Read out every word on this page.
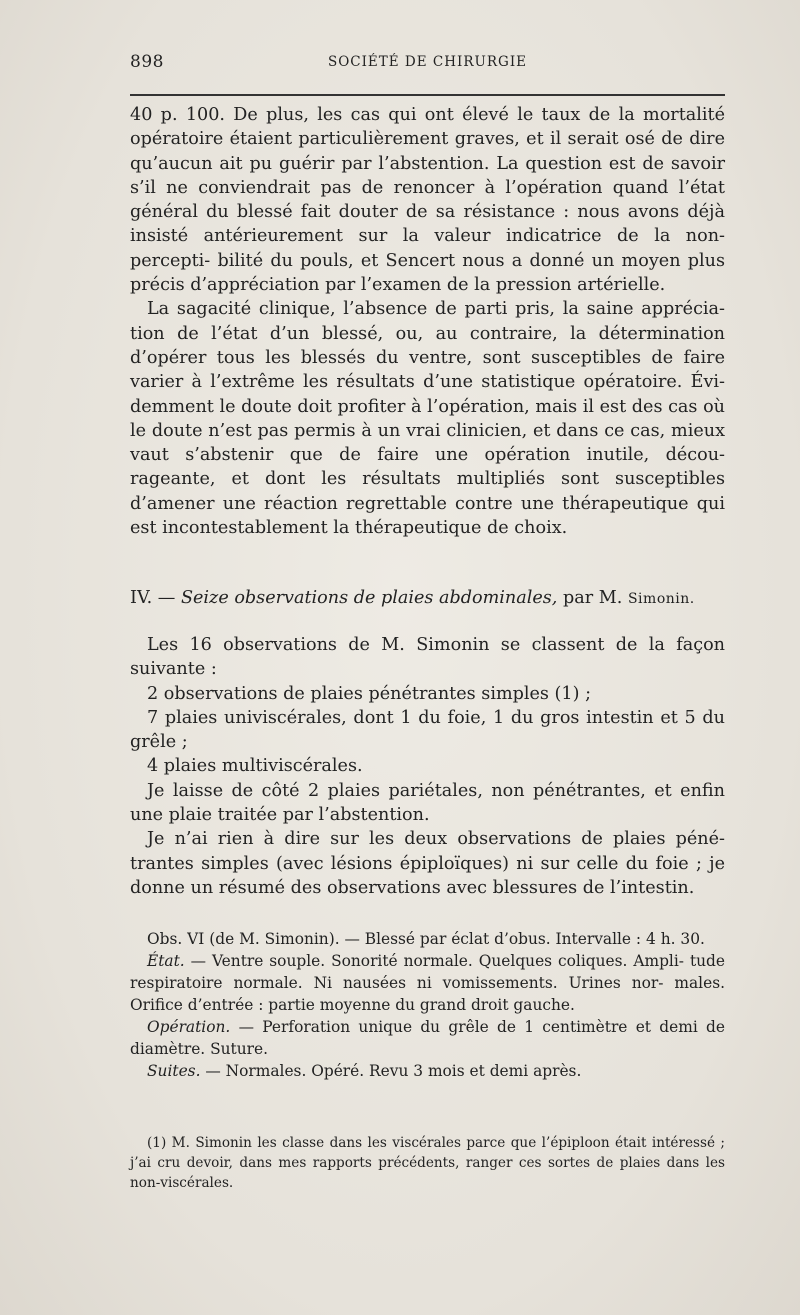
898	SOCIÉTÉ DE CHIRURGIE

40 p. 100. De plus, les cas qui ont élevé le taux de la mortalité opératoire étaient particulièrement graves, et il serait osé de dire qu’aucun ait pu guérir par l’abstention. La question est de savoir s’il ne conviendrait pas de renoncer à l’opération quand l’état général du blessé fait douter de sa résistance : nous avons déjà insisté antérieurement sur la valeur indicatrice de la non-percepti- bilité du pouls, et Sencert nous a donné un moyen plus précis d’appréciation par l’examen de la pression artérielle.

La sagacité clinique, l’absence de parti pris, la saine apprécia- tion de l’état d’un blessé, ou, au contraire, la détermination d’opérer tous les blessés du ventre, sont susceptibles de faire varier à l’extrême les résultats d’une statistique opératoire. Évi- demment le doute doit profiter à l’opération, mais il est des cas où le doute n’est pas permis à un vrai clinicien, et dans ce cas, mieux vaut s’abstenir que de faire une opération inutile, décou- rageante, et dont les résultats multipliés sont susceptibles d’amener une réaction regrettable contre une thérapeutique qui est incontestablement la thérapeutique de choix.

IV. — Seize observations de plaies abdominales, par M. Simonin.

Les 16 observations de M. Simonin se classent de la façon suivante :

2 observations de plaies pénétrantes simples (1) ;

7 plaies univiscérales, dont 1 du foie, 1 du gros intestin et 5 du grêle ;

4 plaies multiviscérales.

Je laisse de côté 2 plaies pariétales, non pénétrantes, et enfin une plaie traitée par l’abstention.

Je n’ai rien à dire sur les deux observations de plaies péné- trantes simples (avec lésions épiploïques) ni sur celle du foie ; je donne un résumé des observations avec blessures de l’intestin.

Obs. VI (de M. Simonin). — Blessé par éclat d’obus. Intervalle : 4 h. 30.

État. — Ventre souple. Sonorité normale. Quelques coliques. Ampli- tude respiratoire normale. Ni nausées ni vomissements. Urines nor- males. Orifice d’entrée : partie moyenne du grand droit gauche.

Opération. — Perforation unique du grêle de 1 centimètre et demi de diamètre. Suture.

Suites. — Normales. Opéré. Revu 3 mois et demi après.

(1) M. Simonin les classe dans les viscérales parce que l’épiploon était intéressé ; j’ai cru devoir, dans mes rapports précédents, ranger ces sortes de plaies dans les non-viscérales.
